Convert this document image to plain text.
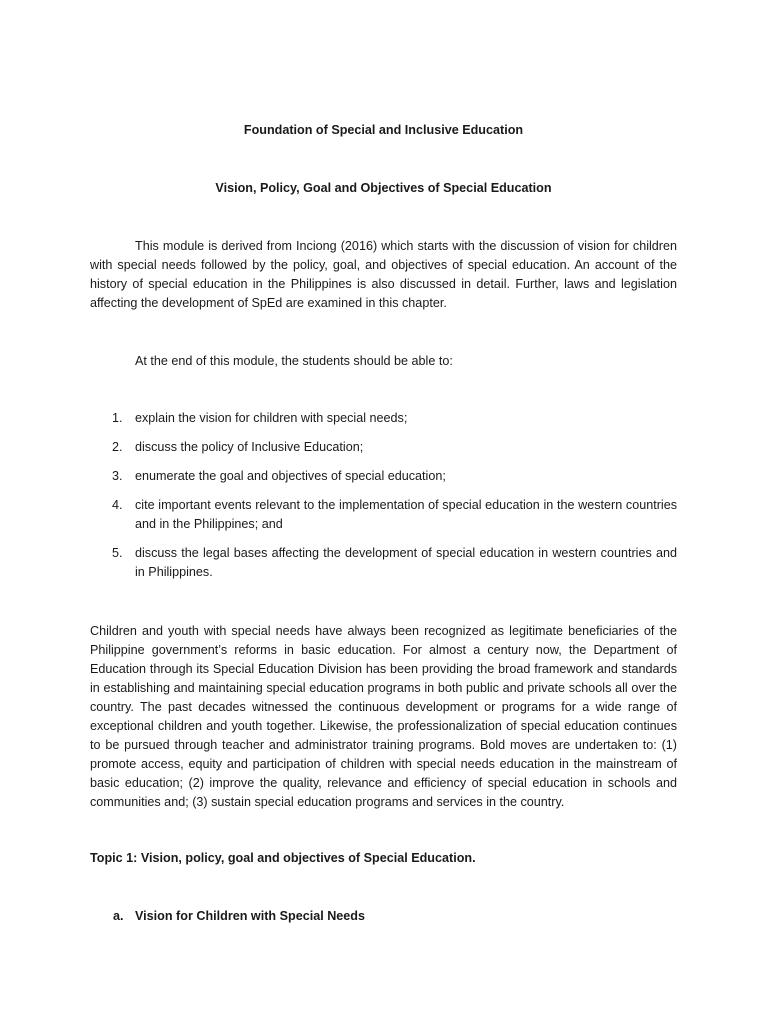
Foundation of Special and Inclusive Education

Vision, Policy, Goal and Objectives of Special Education

This module is derived from Inciong (2016) which starts with the discussion of vision for children with special needs followed by the policy, goal, and objectives of special education. An account of the history of special education in the Philippines is also discussed in detail. Further, laws and legislation affecting the development of SpEd are examined in this chapter.

At the end of this module, the students should be able to:

1. explain the vision for children with special needs;
2. discuss the policy of Inclusive Education;
3. enumerate the goal and objectives of special education;
4. cite important events relevant to the implementation of special education in the western countries and in the Philippines; and
5. discuss the legal bases affecting the development of special education in western countries and in Philippines.

Children and youth with special needs have always been recognized as legitimate beneficiaries of the Philippine government’s reforms in basic education. For almost a century now, the Department of Education through its Special Education Division has been providing the broad framework and standards in establishing and maintaining special education programs in both public and private schools all over the country. The past decades witnessed the continuous development or programs for a wide range of exceptional children and youth together. Likewise, the professionalization of special education continues to be pursued through teacher and administrator training programs. Bold moves are undertaken to: (1) promote access, equity and participation of children with special needs education in the mainstream of basic education; (2) improve the quality, relevance and efficiency of special education in schools and communities and; (3) sustain special education programs and services in the country.

Topic 1: Vision, policy, goal and objectives of Special Education.

a. Vision for Children with Special Needs
